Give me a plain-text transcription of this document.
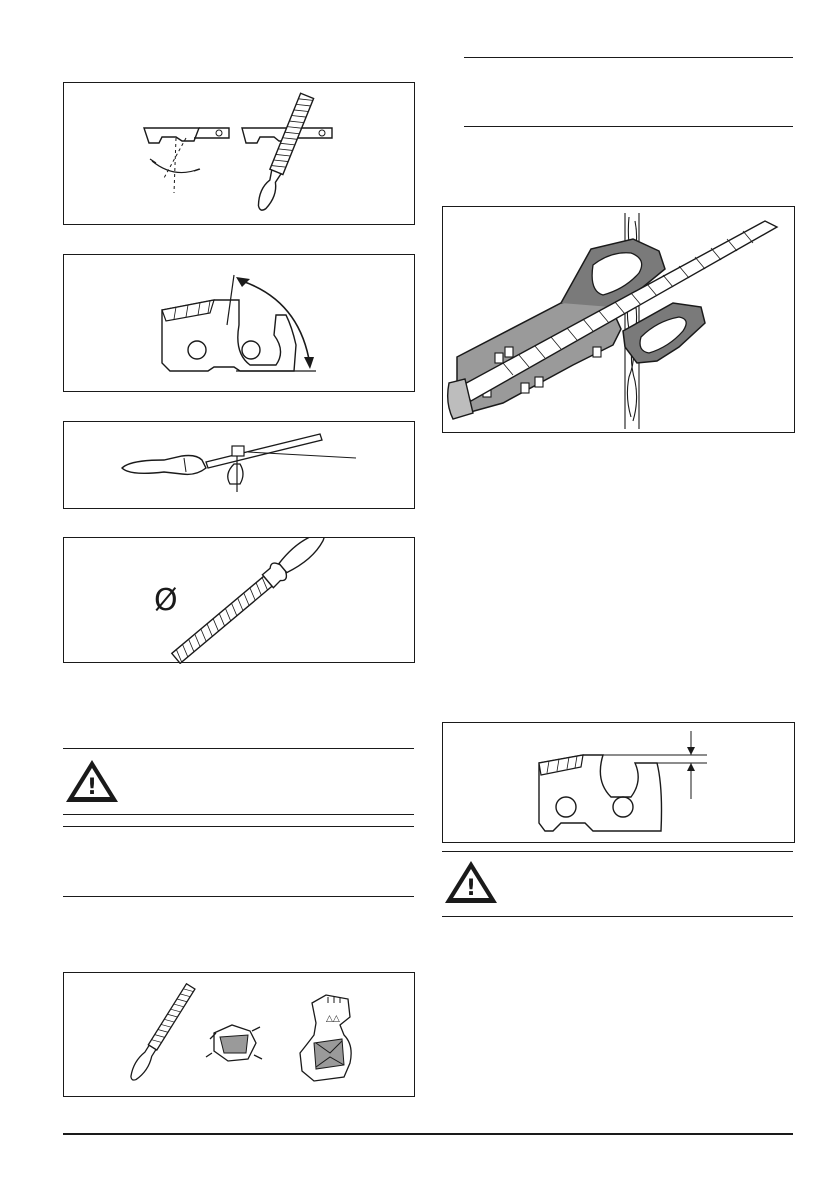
Ø
!
△△
!
